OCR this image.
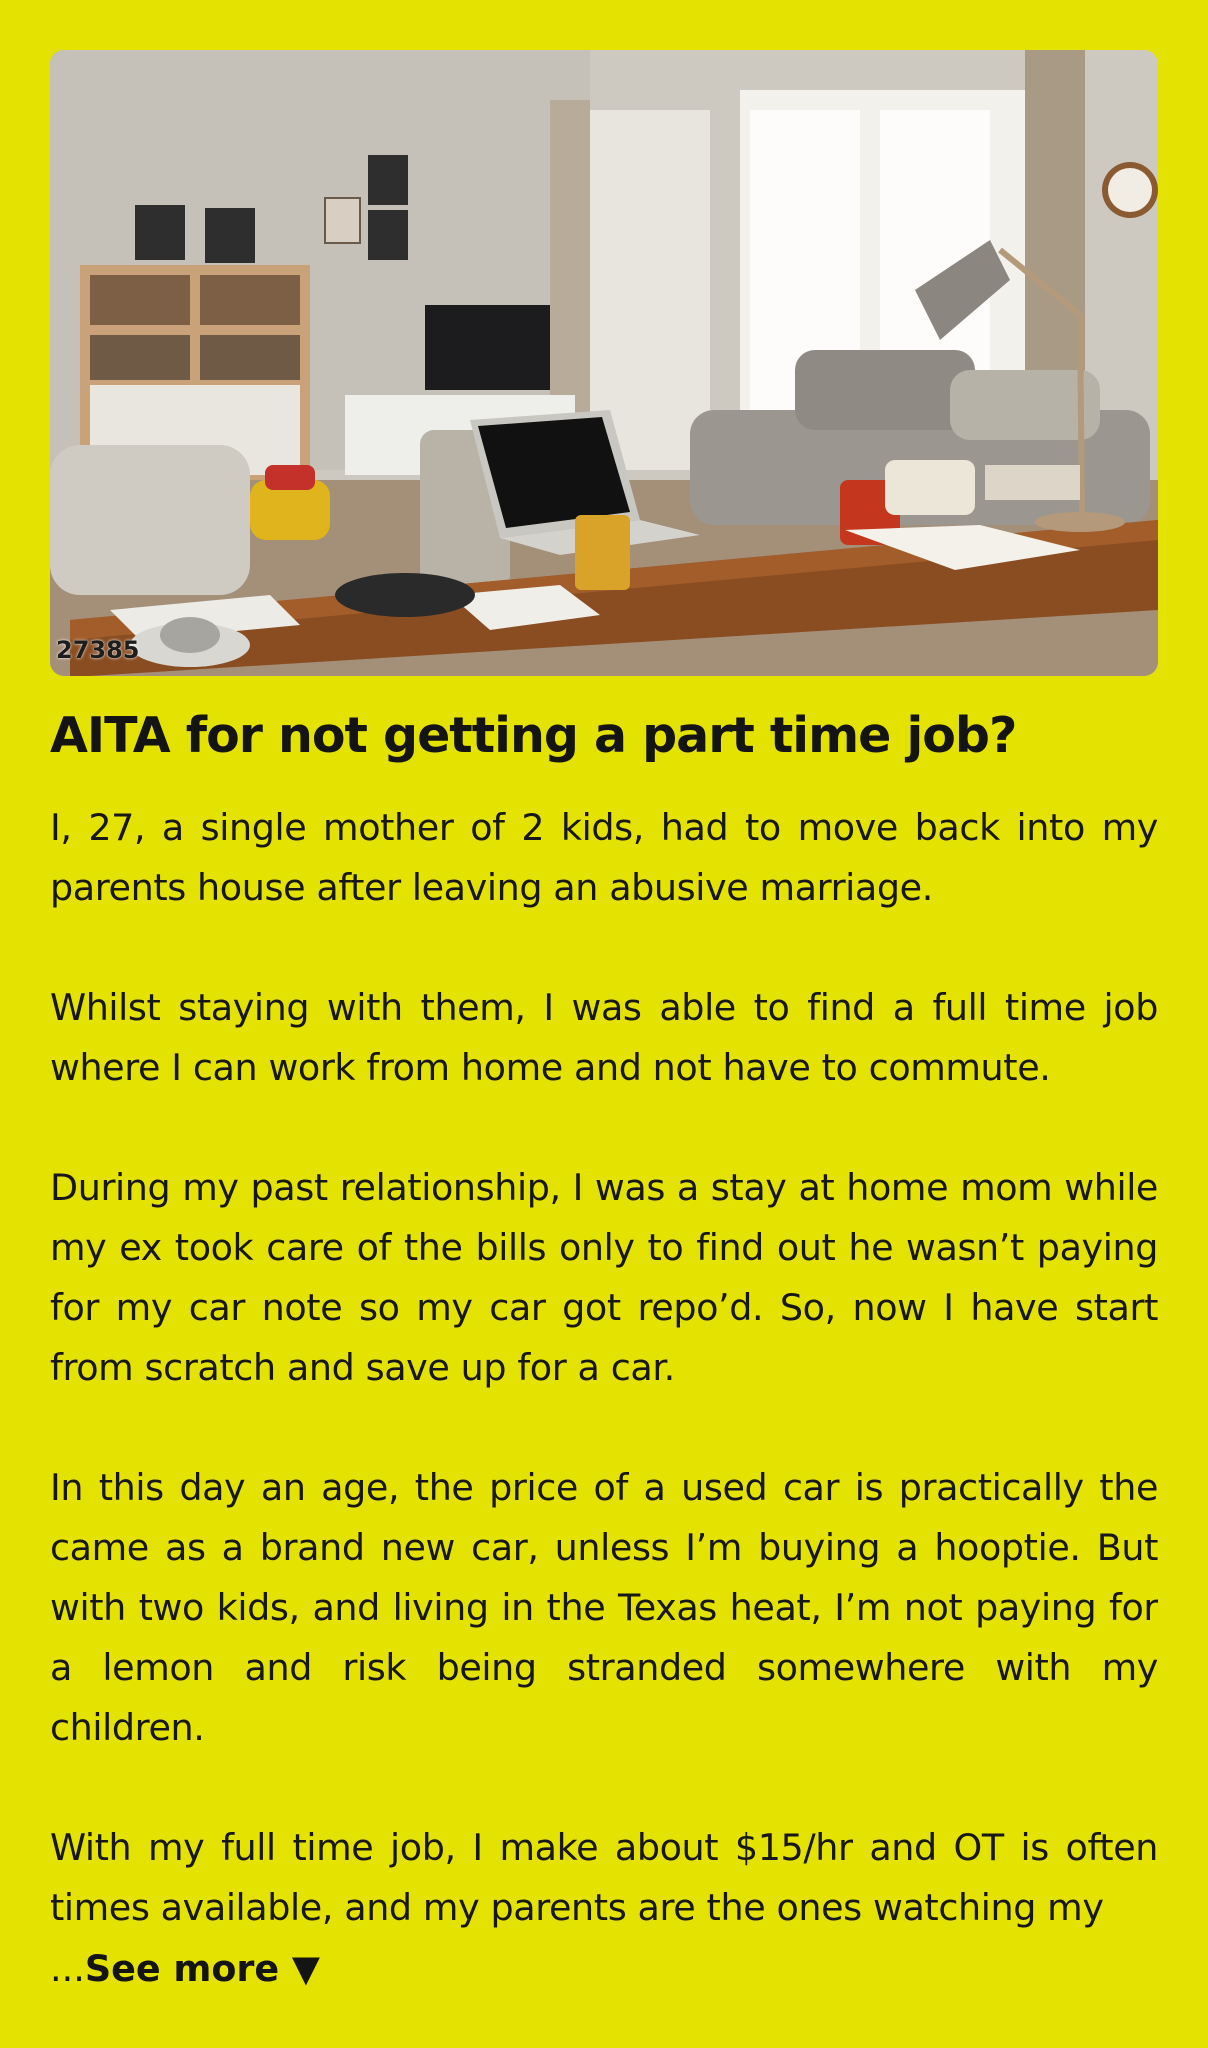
27385
AITA for not getting a part time job?

I, 27, a single mother of 2 kids, had to move back into my parents house after leaving an abusive marriage.

Whilst staying with them, I was able to find a full time job where I can work from home and not have to commute.

During my past relationship, I was a stay at home mom while my ex took care of the bills only to find out he wasn’t paying for my car note so my car got repo’d. So, now I have start from scratch and save up for a car.

In this day an age, the price of a used car is practically the came as a brand new car, unless I’m buying a hooptie. But with two kids, and living in the Texas heat, I’m not paying for a lemon and risk being stranded somewhere with my children.

With my full time job, I make about $15/hr and OT is often times available, and my parents are the ones watching my

...See more ▼
